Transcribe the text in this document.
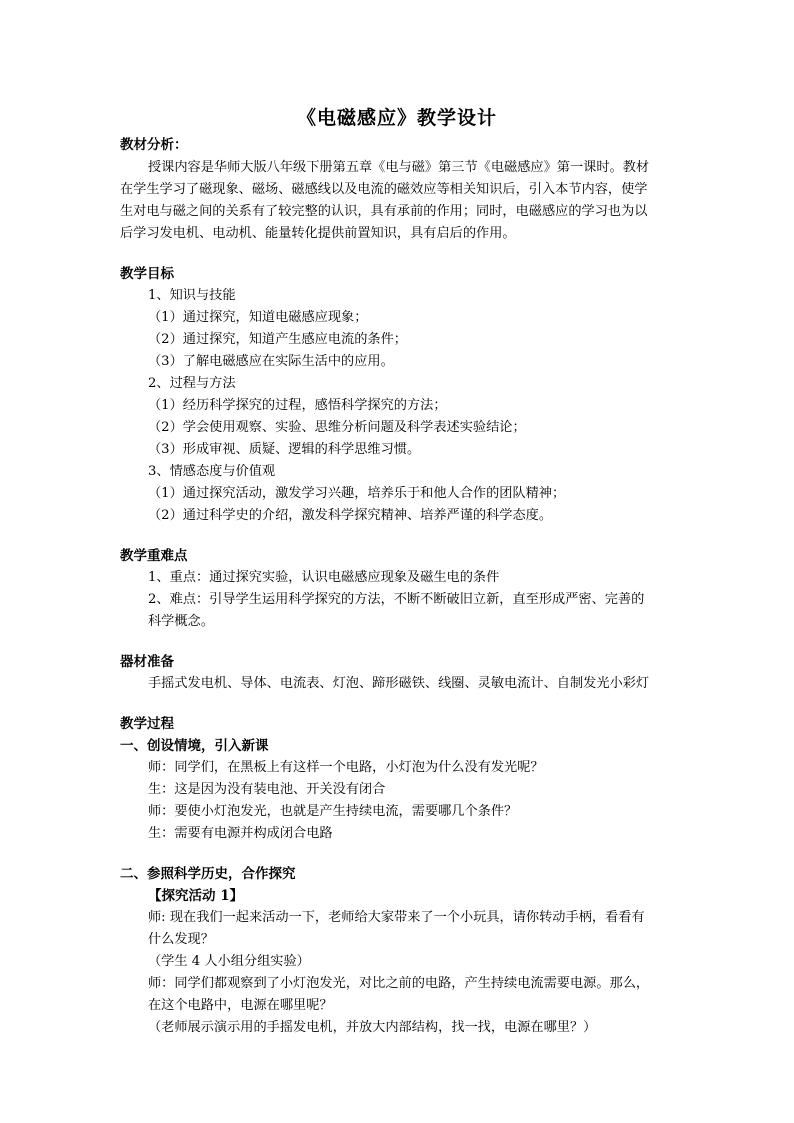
《电磁感应》教学设计
教材分析：
授课内容是华师大版八年级下册第五章《电与磁》第三节《电磁感应》第一课时。教材
在学生学习了磁现象、磁场、磁感线以及电流的磁效应等相关知识后，引入本节内容，使学
生对电与磁之间的关系有了较完整的认识，具有承前的作用；同时，电磁感应的学习也为以
后学习发电机、电动机、能量转化提供前置知识，具有启后的作用。
教学目标
1、知识与技能
（1）通过探究，知道电磁感应现象；
（2）通过探究，知道产生感应电流的条件；
（3）了解电磁感应在实际生活中的应用。
2、过程与方法
（1）经历科学探究的过程，感悟科学探究的方法；
（2）学会使用观察、实验、思维分析问题及科学表述实验结论；
（3）形成审视、质疑、逻辑的科学思维习惯。
3、情感态度与价值观
（1）通过探究活动，激发学习兴趣，培养乐于和他人合作的团队精神；
（2）通过科学史的介绍，激发科学探究精神、培养严谨的科学态度。
教学重难点
1、重点：通过探究实验，认识电磁感应现象及磁生电的条件
2、难点：引导学生运用科学探究的方法，不断不断破旧立新，直至形成严密、完善的
科学概念。
器材准备
手摇式发电机、导体、电流表、灯泡、蹄形磁铁、线圈、灵敏电流计、自制发光小彩灯
教学过程
一、创设情境，引入新课
师：同学们，在黑板上有这样一个电路，小灯泡为什么没有发光呢？
生：这是因为没有装电池、开关没有闭合
师：要使小灯泡发光，也就是产生持续电流，需要哪几个条件？
生：需要有电源并构成闭合电路
二、参照科学历史，合作探究
【探究活动 1】
师: 现在我们一起来活动一下，老师给大家带来了一个小玩具，请你转动手柄，看看有
什么发现？
（学生 4 人小组分组实验）
师：同学们都观察到了小灯泡发光，对比之前的电路，产生持续电流需要电源。那么，
在这个电路中，电源在哪里呢？
（老师展示演示用的手摇发电机，并放大内部结构，找一找，电源在哪里？）
